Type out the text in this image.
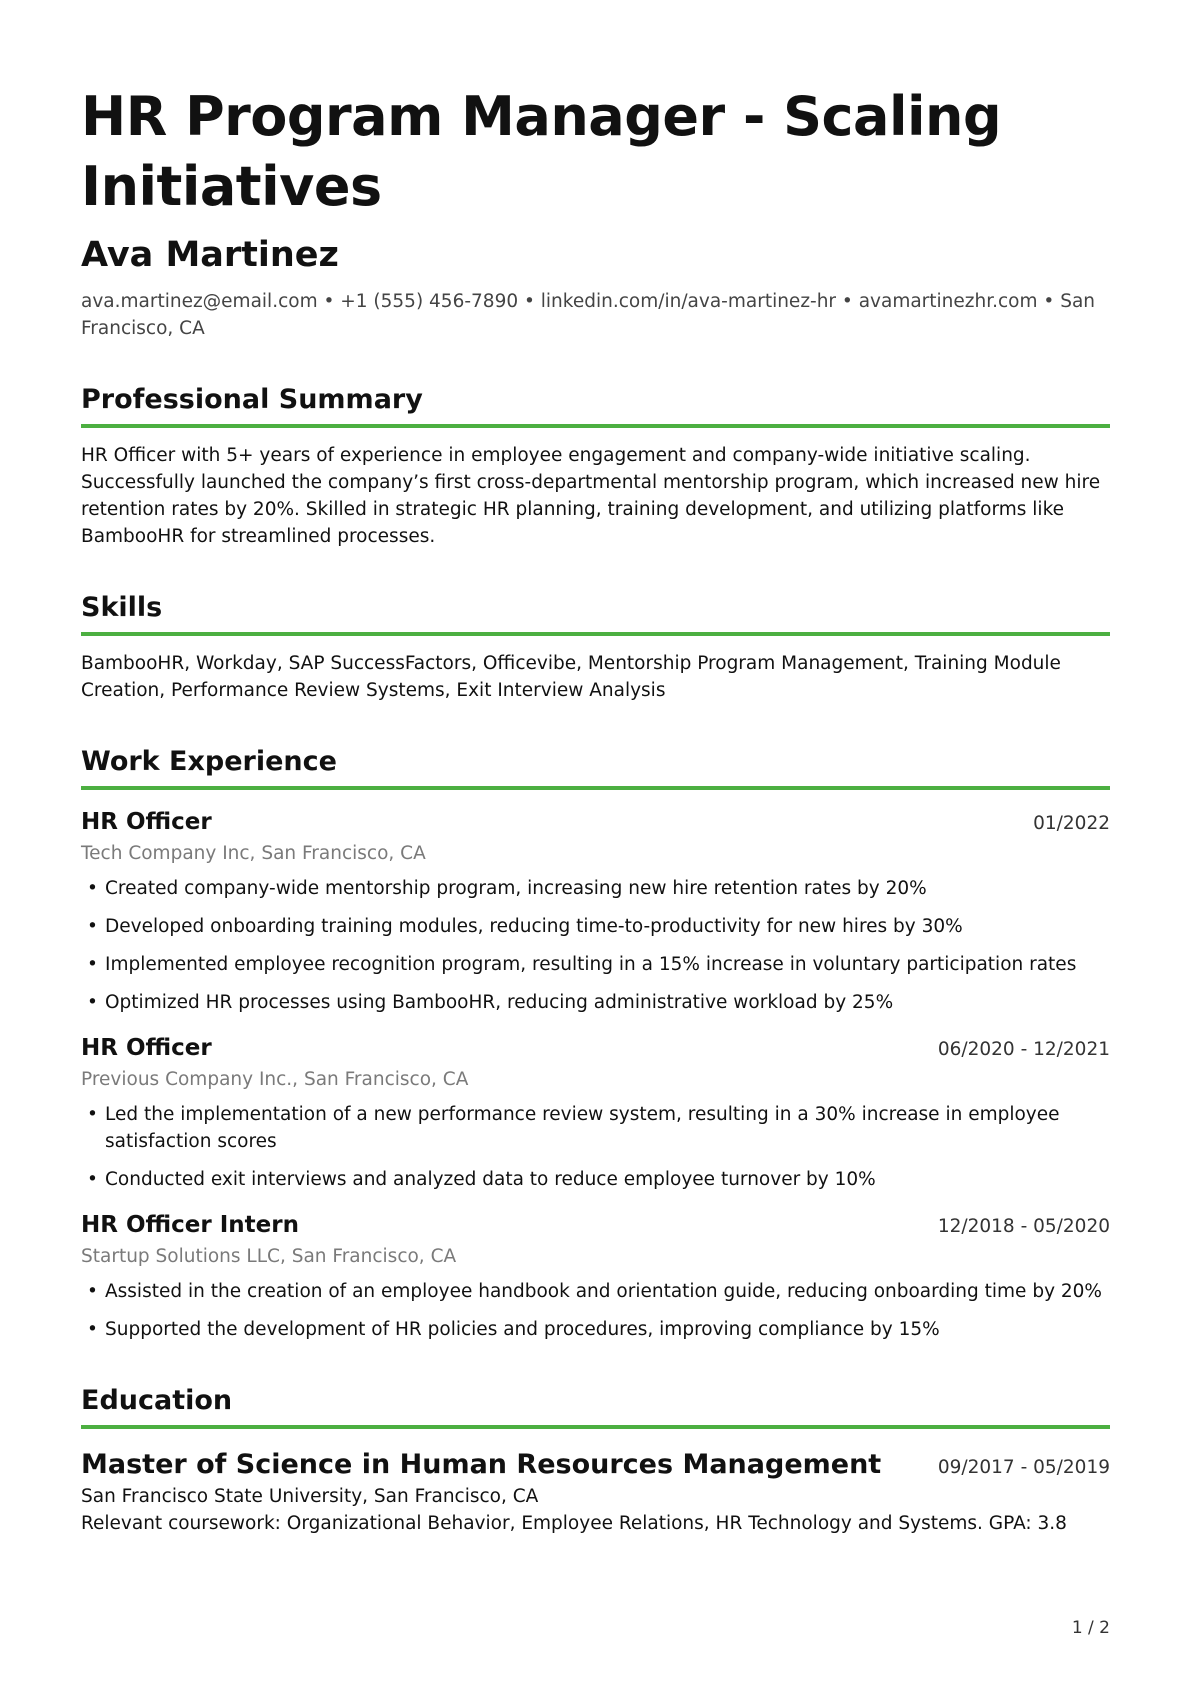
HR Program Manager - Scaling Initiatives
Ava Martinez
ava.martinez@email.com • +1 (555) 456-7890 • linkedin.com/in/ava-martinez-hr • avamartinezhr.com • San Francisco, CA
Professional Summary
HR Officer with 5+ years of experience in employee engagement and company-wide initiative scaling. Successfully launched the company’s first cross-departmental mentorship program, which increased new hire retention rates by 20%. Skilled in strategic HR planning, training development, and utilizing platforms like BambooHR for streamlined processes.
Skills
BambooHR, Workday, SAP SuccessFactors, Officevibe, Mentorship Program Management, Training Module Creation, Performance Review Systems, Exit Interview Analysis
Work Experience
HR Officer	01/2022
Tech Company Inc, San Francisco, CA
• Created company-wide mentorship program, increasing new hire retention rates by 20%
• Developed onboarding training modules, reducing time-to-productivity for new hires by 30%
• Implemented employee recognition program, resulting in a 15% increase in voluntary participation rates
• Optimized HR processes using BambooHR, reducing administrative workload by 25%
HR Officer	06/2020 - 12/2021
Previous Company Inc., San Francisco, CA
• Led the implementation of a new performance review system, resulting in a 30% increase in employee satisfaction scores
• Conducted exit interviews and analyzed data to reduce employee turnover by 10%
HR Officer Intern	12/2018 - 05/2020
Startup Solutions LLC, San Francisco, CA
• Assisted in the creation of an employee handbook and orientation guide, reducing onboarding time by 20%
• Supported the development of HR policies and procedures, improving compliance by 15%
Education
Master of Science in Human Resources Management	09/2017 - 05/2019
San Francisco State University, San Francisco, CA
Relevant coursework: Organizational Behavior, Employee Relations, HR Technology and Systems. GPA: 3.8
1 / 2
